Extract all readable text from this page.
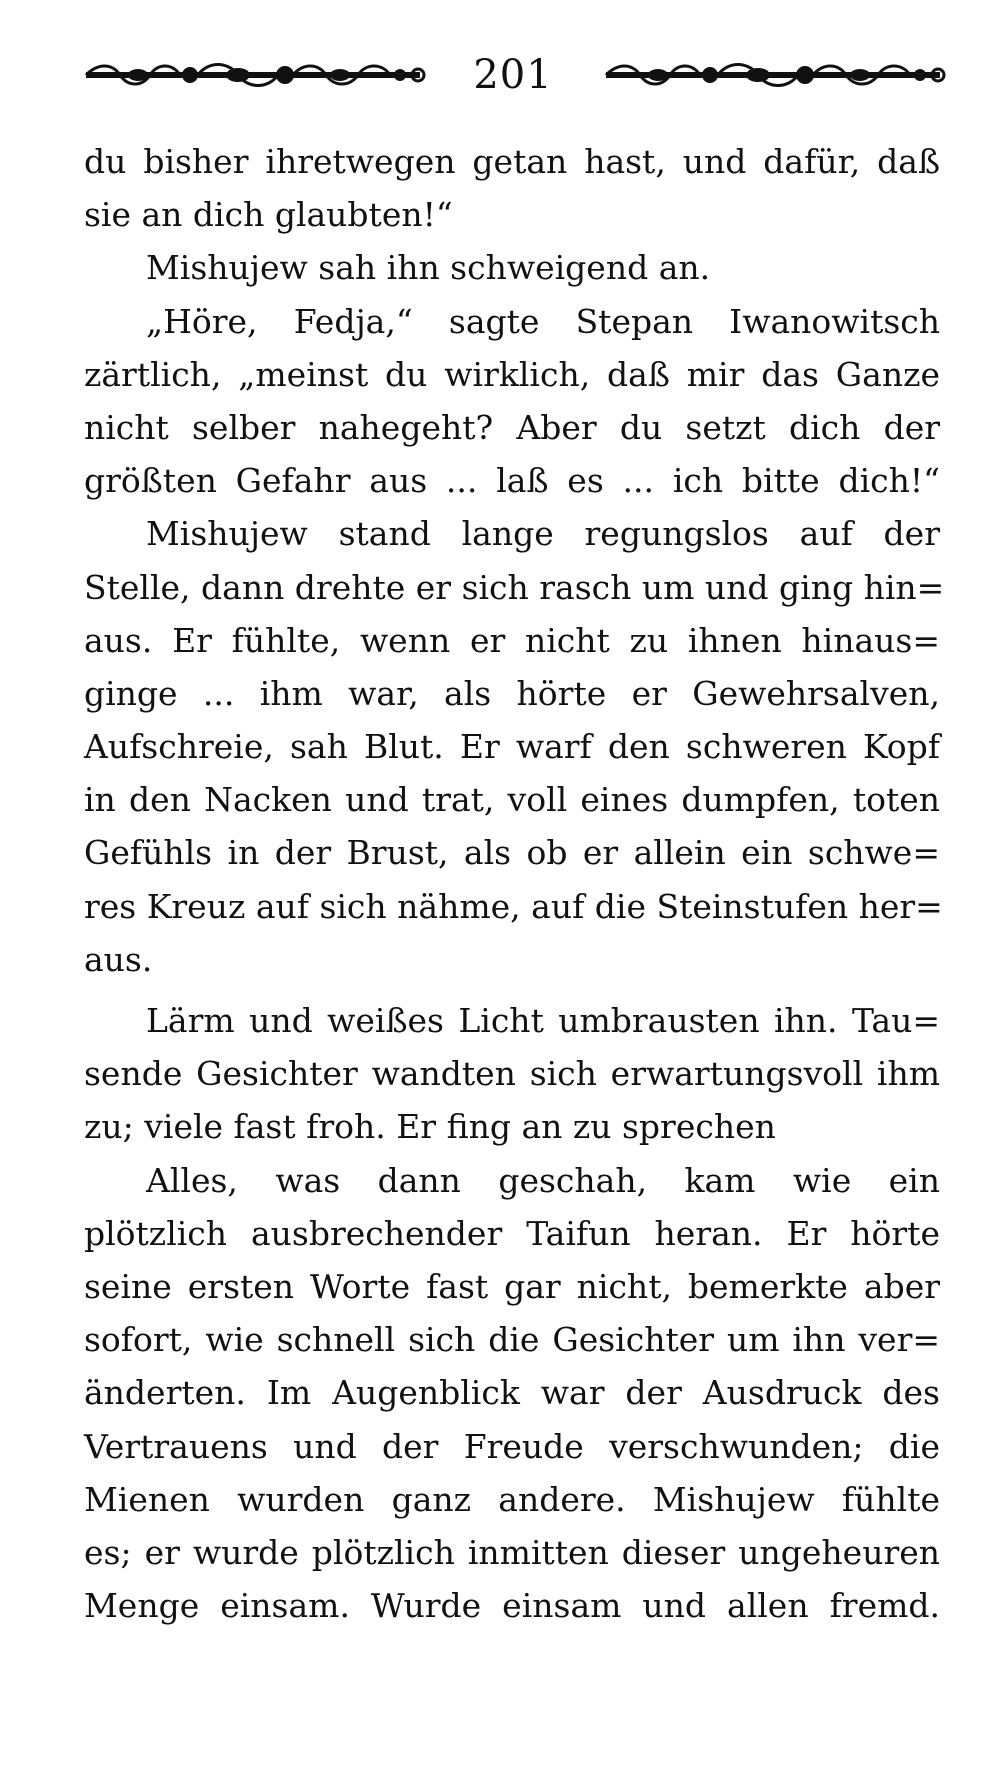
201
du bisher ihretwegen getan hast, und dafür, daß
sie an dich glaubten!“
Mishujew sah ihn schweigend an.
„Höre, Fedja,“ sagte Stepan Iwanowitsch
zärtlich, „meinst du wirklich, daß mir das Ganze
nicht selber nahegeht? Aber du setzt dich der
größten Gefahr aus ... laß es ... ich bitte dich!“
Mishujew stand lange regungslos auf der
Stelle, dann drehte er sich rasch um und ging hin=
aus. Er fühlte, wenn er nicht zu ihnen hinaus=
ginge ... ihm war, als hörte er Gewehrsalven,
Aufschreie, sah Blut. Er warf den schweren Kopf
in den Nacken und trat, voll eines dumpfen, toten
Gefühls in der Brust, als ob er allein ein schwe=
res Kreuz auf sich nähme, auf die Steinstufen her=
aus.
Lärm und weißes Licht umbrausten ihn. Tau=
sende Gesichter wandten sich erwartungsvoll ihm
zu; viele fast froh. Er fing an zu sprechen
Alles, was dann geschah, kam wie ein
plötzlich ausbrechender Taifun heran. Er hörte
seine ersten Worte fast gar nicht, bemerkte aber
sofort, wie schnell sich die Gesichter um ihn ver=
änderten. Im Augenblick war der Ausdruck des
Vertrauens und der Freude verschwunden; die
Mienen wurden ganz andere. Mishujew fühlte
es; er wurde plötzlich inmitten dieser ungeheuren
Menge einsam. Wurde einsam und allen fremd.
